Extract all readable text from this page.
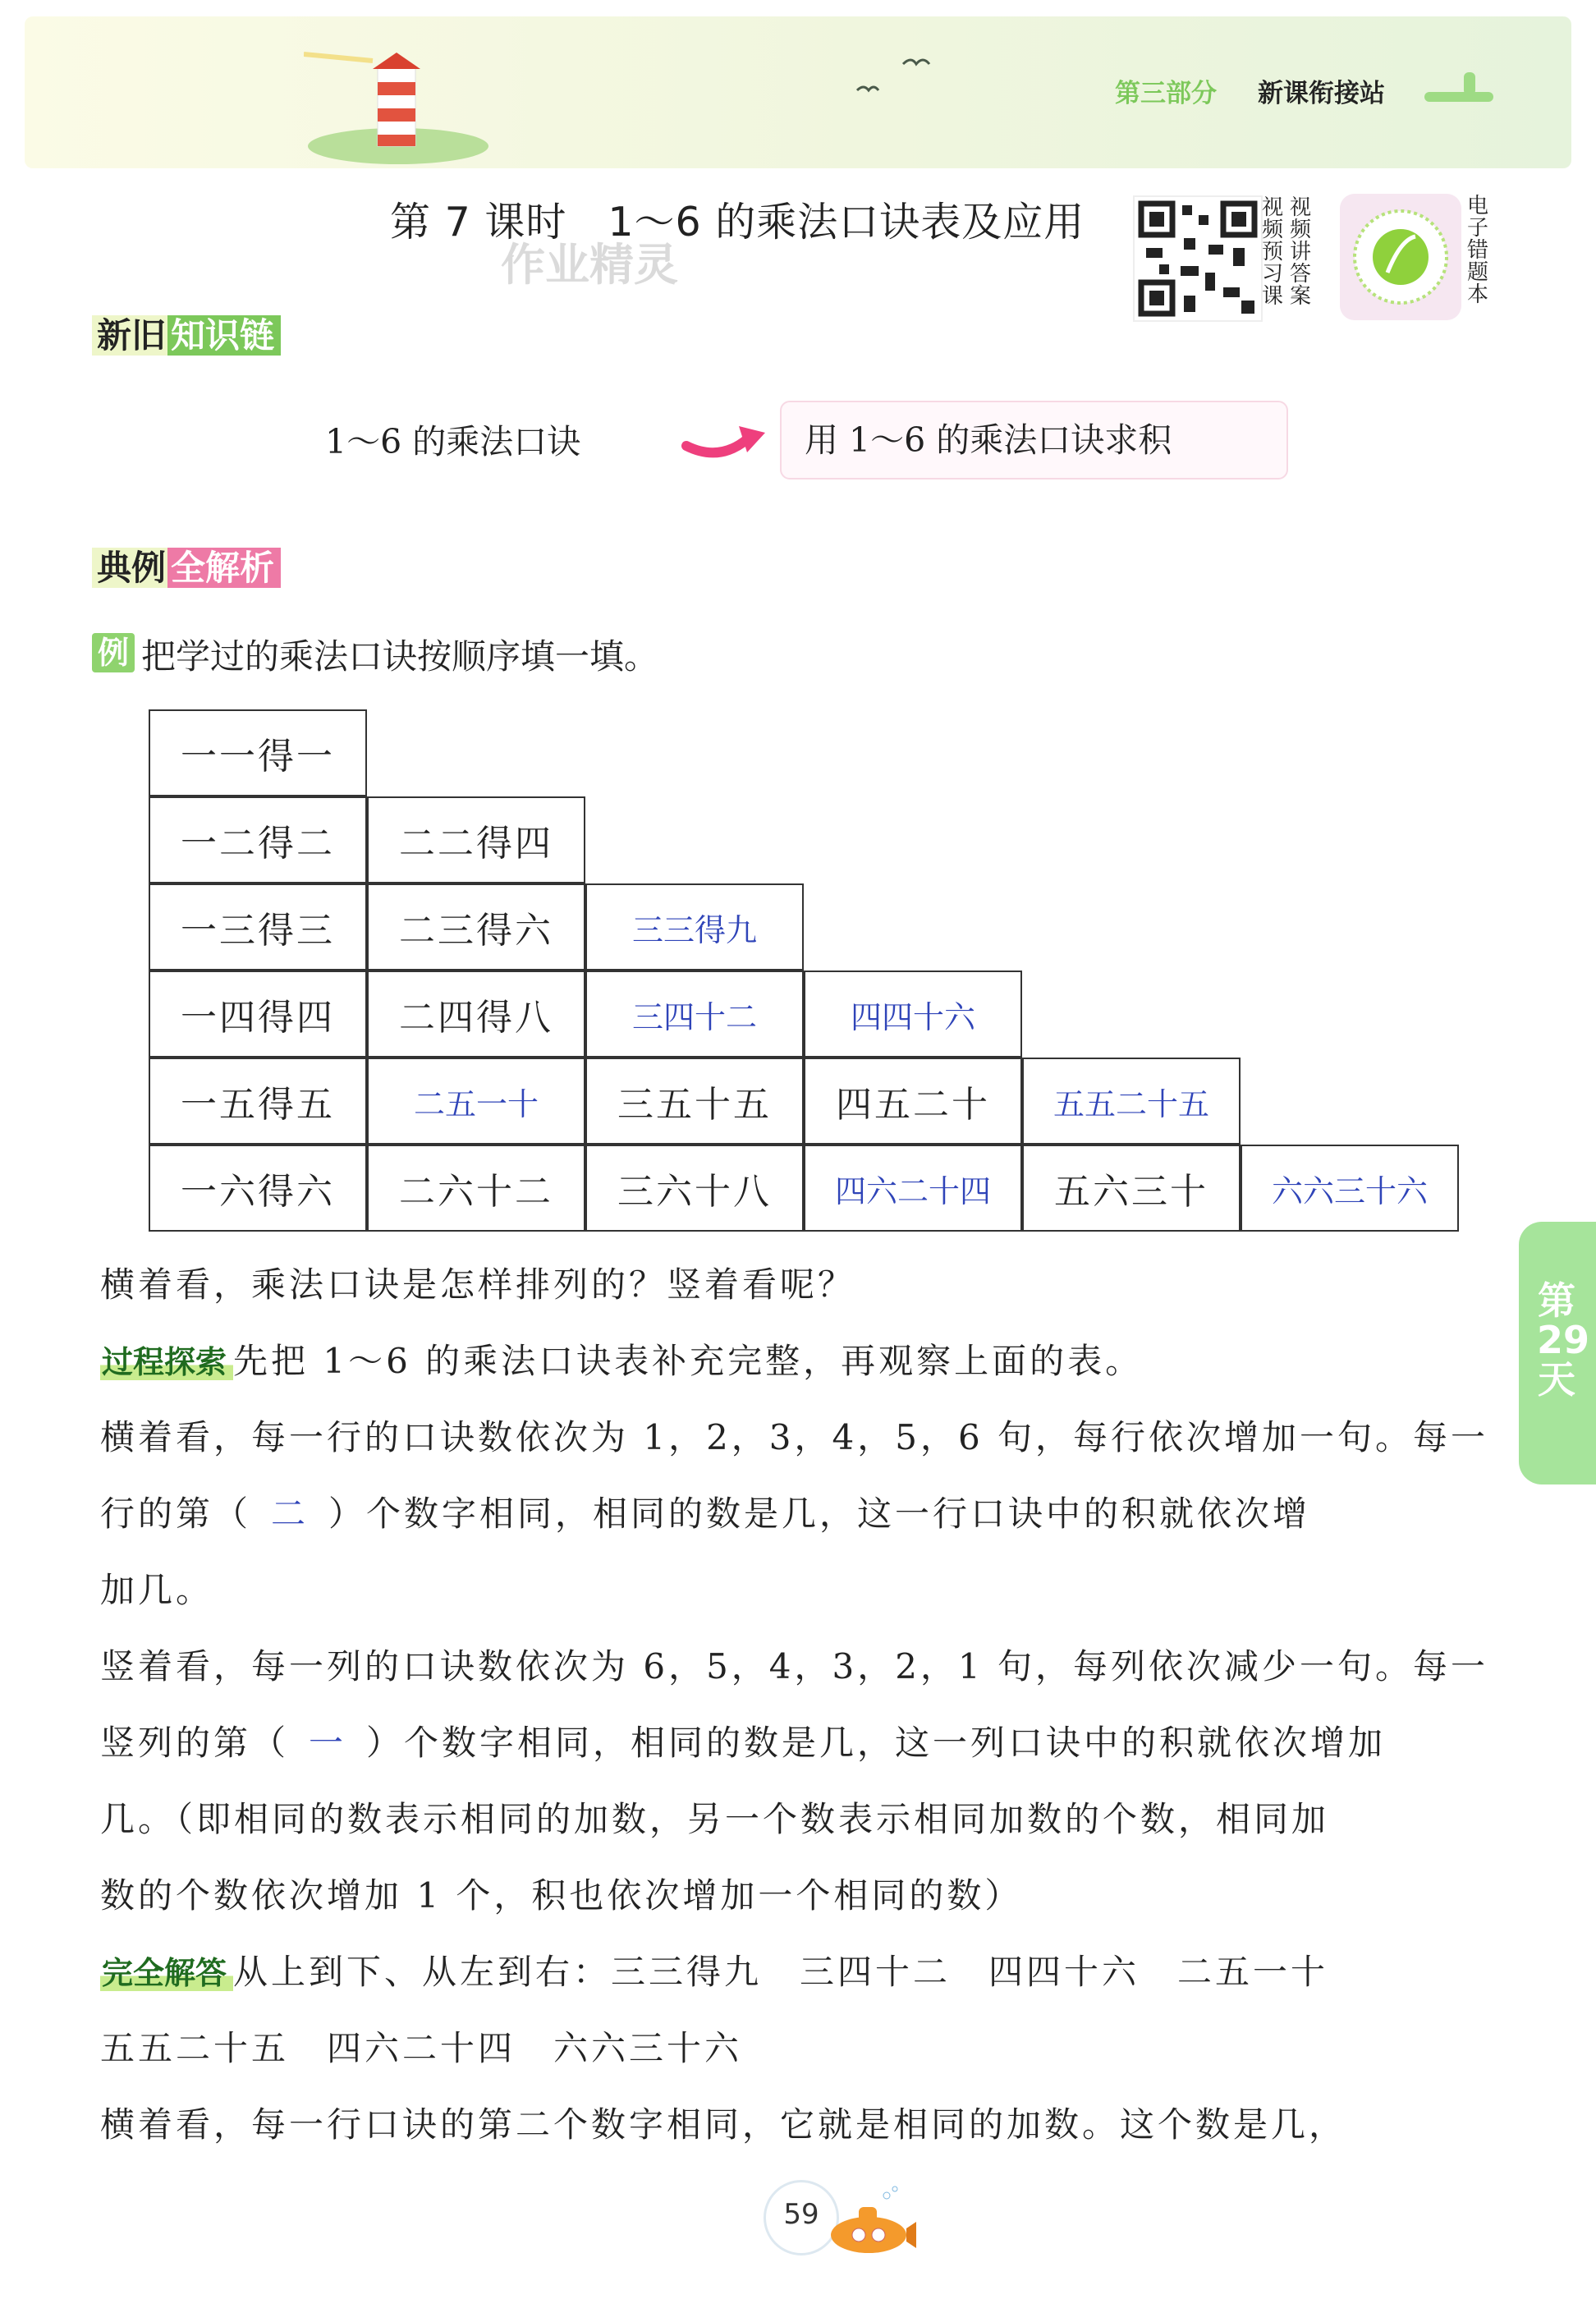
第三部分 新课衔接站
第 7 课时　1～6 的乘法口诀表及应用	视
频
预
习
课
视
频
讲
答
案
电
子
错
题
本
作业精灵
新旧 知识链
1～6 的乘法口诀	用 1～6 的乘法口诀求积
典例 全解析
例 把学过的乘法口诀按顺序填一填。
一一得一
一二得二	二二得四
一三得三	二三得六	三三得九
一四得四	二四得八	三四十二	四四十六
一五得五	二五一十	三五十五	四五二十	五五二十五
一六得六	二六十二	三六十八	四六二十四	五六三十	六六三十六
横着看，乘法口诀是怎样排列的？竖着看呢？
过程探索 先把 1～6 的乘法口诀表补充完整，再观察上面的表。
横着看，每一行的口诀数依次为 1，2，3，4，5，6 句，每行依次增加一句。每一
行的第（ 二 ）个数字相同，相同的数是几，这一行口诀中的积就依次增
加几。
竖着看，每一列的口诀数依次为 6，5，4，3，2，1 句，每列依次减少一句。每一
竖列的第（ 一 ）个数字相同，相同的数是几，这一列口诀中的积就依次增加
几。（即相同的数表示相同的加数，另一个数表示相同加数的个数，相同加
数的个数依次增加 1 个，积也依次增加一个相同的数）
完全解答 从上到下、从左到右：三三得九　三四十二　四四十六　二五一十
五五二十五　四六二十四　六六三十六
横着看，每一行口诀的第二个数字相同，它就是相同的加数。这个数是几，
第29天
59
